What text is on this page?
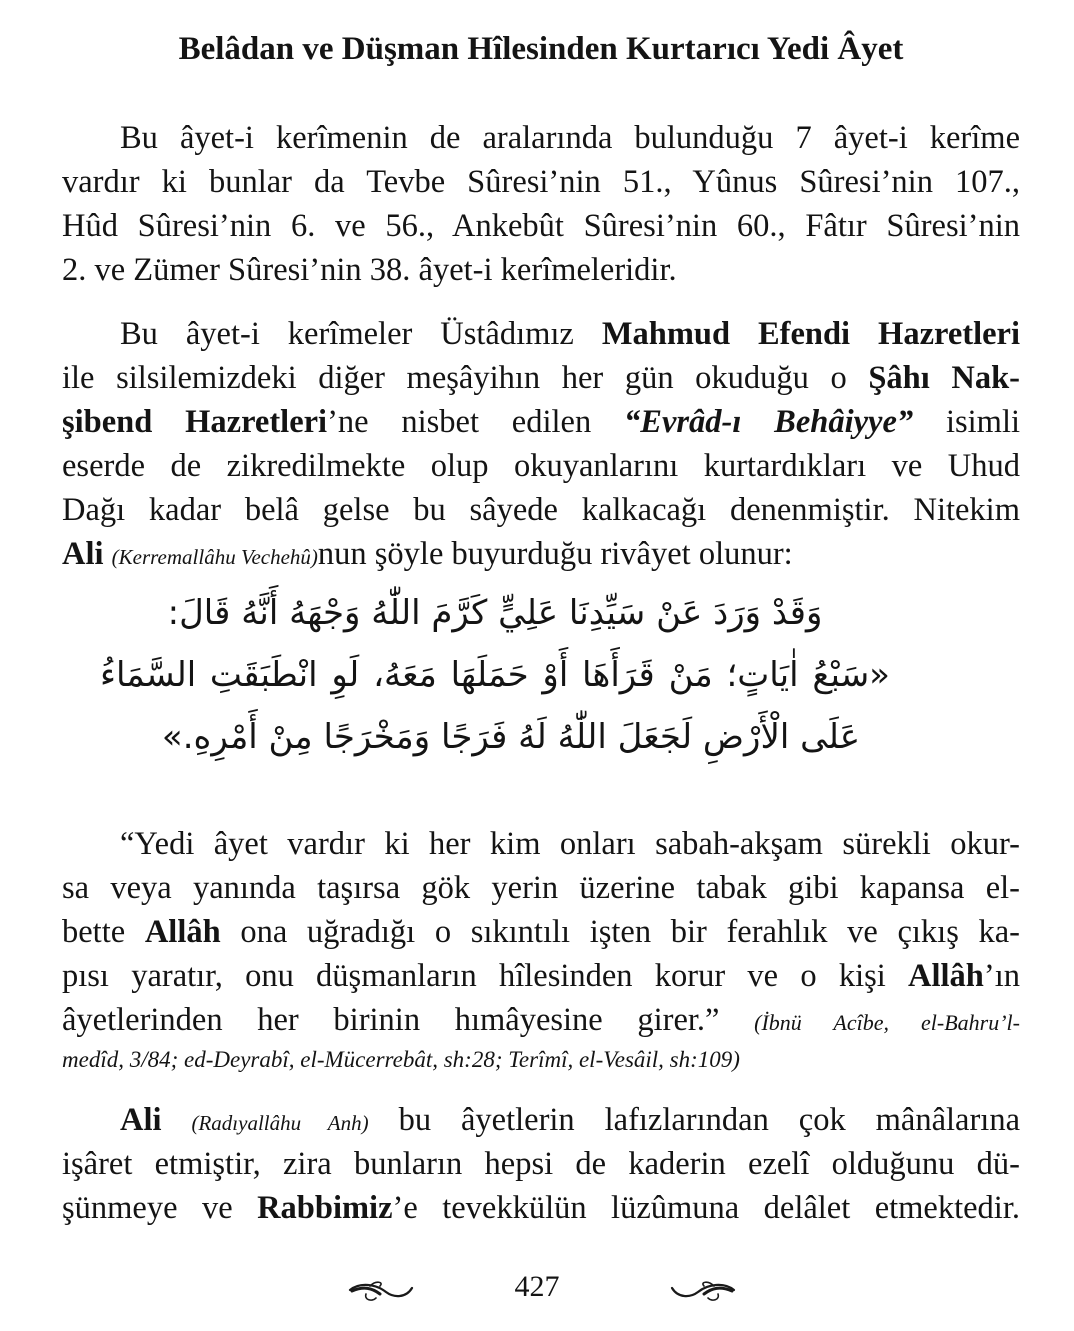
Belâdan ve Düşman Hîlesinden Kurtarıcı Yedi Âyet
Bu âyet-i kerîmenin de aralarında bulunduğu 7 âyet-i kerîme
vardır ki bunlar da Tevbe Sûresi’nin 51., Yûnus Sûresi’nin 107.,
Hûd Sûresi’nin 6. ve 56., Ankebût Sûresi’nin 60., Fâtır Sûresi’nin
2. ve Zümer Sûresi’nin 38. âyet-i kerîmeleridir.
Bu âyet-i kerîmeler Üstâdımız Mahmud Efendi Hazretleri
ile silsilemizdeki diğer meşâyihın her gün okuduğu o Şâhı Nak-
şibend Hazretleri’ne nisbet edilen “Evrâd-ı Behâiyye” isimli
eserde de zikredilmekte olup okuyanlarını kurtardıkları ve Uhud
Dağı kadar belâ gelse bu sâyede kalkacağı denenmiştir. Nitekim
Ali (Kerremallâhu Vechehû)nun şöyle buyurduğu rivâyet olunur:
وَقَدْ وَرَدَ عَنْ سَيِّدِنَا عَلِيٍّ كَرَّمَ اللّٰهُ وَجْهَهُ أَنَّهُ قَالَ:
«سَبْعُ اٰيَاتٍ؛ مَنْ قَرَأَهَا أَوْ حَمَلَهَا مَعَهُ، لَوِ انْطَبَقَتِ السَّمَاءُ
عَلَى الْأَرْضِ لَجَعَلَ اللّٰهُ لَهُ فَرَجًا وَمَخْرَجًا مِنْ أَمْرِهِ.»
“Yedi âyet vardır ki her kim onları sabah-akşam sürekli okur-
sa veya yanında taşırsa gök yerin üzerine tabak gibi kapansa el-
bette Allâh ona uğradığı o sıkıntılı işten bir ferahlık ve çıkış ka-
pısı yaratır, onu düşmanların hîlesinden korur ve o kişi Allâh’ın
âyetlerinden her birinin hımâyesine girer.” (İbnü Acîbe, el-Bahru’l-
medîd, 3/84; ed-Deyrabî, el-Mücerrebât, sh:28; Terîmî, el-Vesâil, sh:109)
Ali (Radıyallâhu Anh) bu âyetlerin lafızlarından çok mânâlarına
işâret etmiştir, zira bunların hepsi de kaderin ezelî olduğunu dü-
şünmeye ve Rabbimiz’e tevekkülün lüzûmuna delâlet etmektedir.
427
